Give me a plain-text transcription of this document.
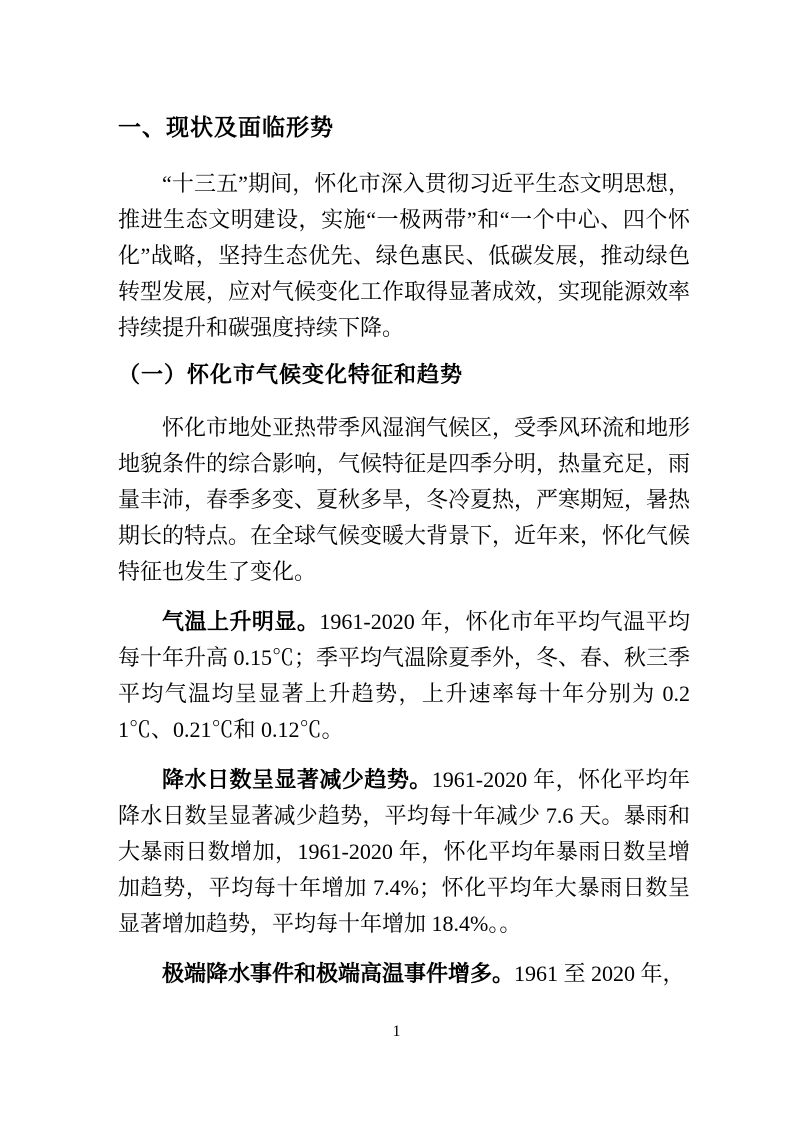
一、现状及面临形势

“十三五”期间，怀化市深入贯彻习近平生态文明思想，推进生态文明建设，实施“一极两带”和“一个中心、四个怀化”战略，坚持生态优先、绿色惠民、低碳发展，推动绿色转型发展，应对气候变化工作取得显著成效，实现能源效率持续提升和碳强度持续下降。

（一）怀化市气候变化特征和趋势

怀化市地处亚热带季风湿润气候区，受季风环流和地形地貌条件的综合影响，气候特征是四季分明，热量充足，雨量丰沛，春季多变、夏秋多旱，冬冷夏热，严寒期短，暑热期长的特点。在全球气候变暖大背景下，近年来，怀化气候特征也发生了变化。

气温上升明显。1961-2020 年，怀化市年平均气温平均每十年升高 0.15℃；季平均气温除夏季外，冬、春、秋三季平均气温均呈显著上升趋势，上升速率每十年分别为 0.21℃、0.21℃和 0.12℃。

降水日数呈显著减少趋势。1961-2020 年，怀化平均年降水日数呈显著减少趋势，平均每十年减少 7.6 天。暴雨和大暴雨日数增加，1961-2020 年，怀化平均年暴雨日数呈增加趋势，平均每十年增加 7.4%；怀化平均年大暴雨日数呈显著增加趋势，平均每十年增加 18.4%。。

极端降水事件和极端高温事件增多。1961 至 2020 年，

1
